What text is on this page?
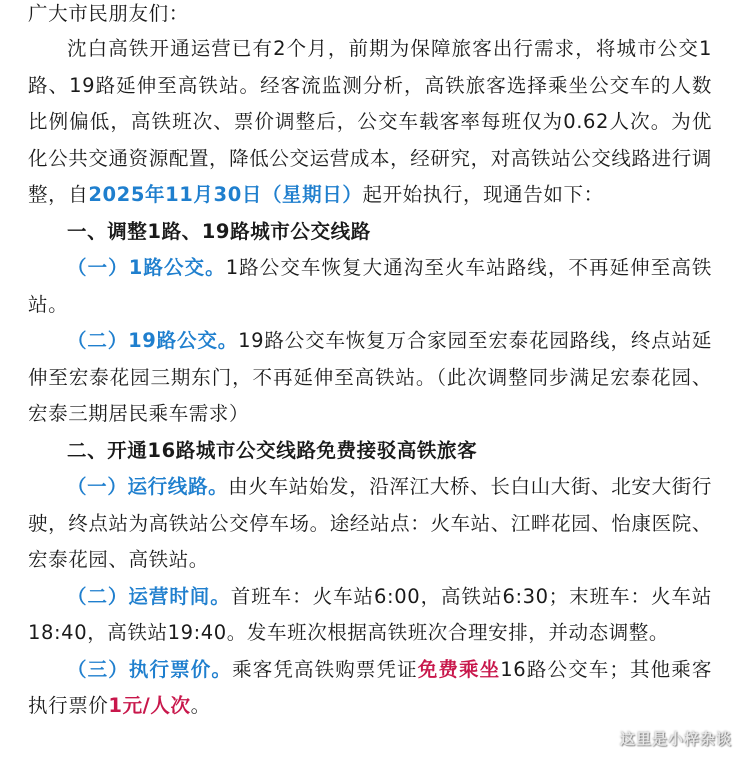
广大市民朋友们：

沈白高铁开通运营已有2个月，前期为保障旅客出行需求，将城市公交1路、19路延伸至高铁站。经客流监测分析，高铁旅客选择乘坐公交车的人数比例偏低，高铁班次、票价调整后，公交车载客率每班仅为0.62人次。为优化公共交通资源配置，降低公交运营成本，经研究，对高铁站公交线路进行调整，自2025年11月30日（星期日）起开始执行，现通告如下：

一、调整1路、19路城市公交线路

（一）1路公交。1路公交车恢复大通沟至火车站路线，不再延伸至高铁站。

（二）19路公交。19路公交车恢复万合家园至宏泰花园路线，终点站延伸至宏泰花园三期东门，不再延伸至高铁站。（此次调整同步满足宏泰花园、宏泰三期居民乘车需求）

二、开通16路城市公交线路免费接驳高铁旅客

（一）运行线路。由火车站始发，沿浑江大桥、长白山大街、北安大街行驶，终点站为高铁站公交停车场。途经站点：火车站、江畔花园、怡康医院、宏泰花园、高铁站。

（二）运营时间。首班车：火车站6:00，高铁站6:30；末班车：火车站18:40，高铁站19:40。发车班次根据高铁班次合理安排，并动态调整。

（三）执行票价。乘客凭高铁购票凭证免费乘坐16路公交车；其他乘客执行票价1元/人次。

这里是小梓杂谈
